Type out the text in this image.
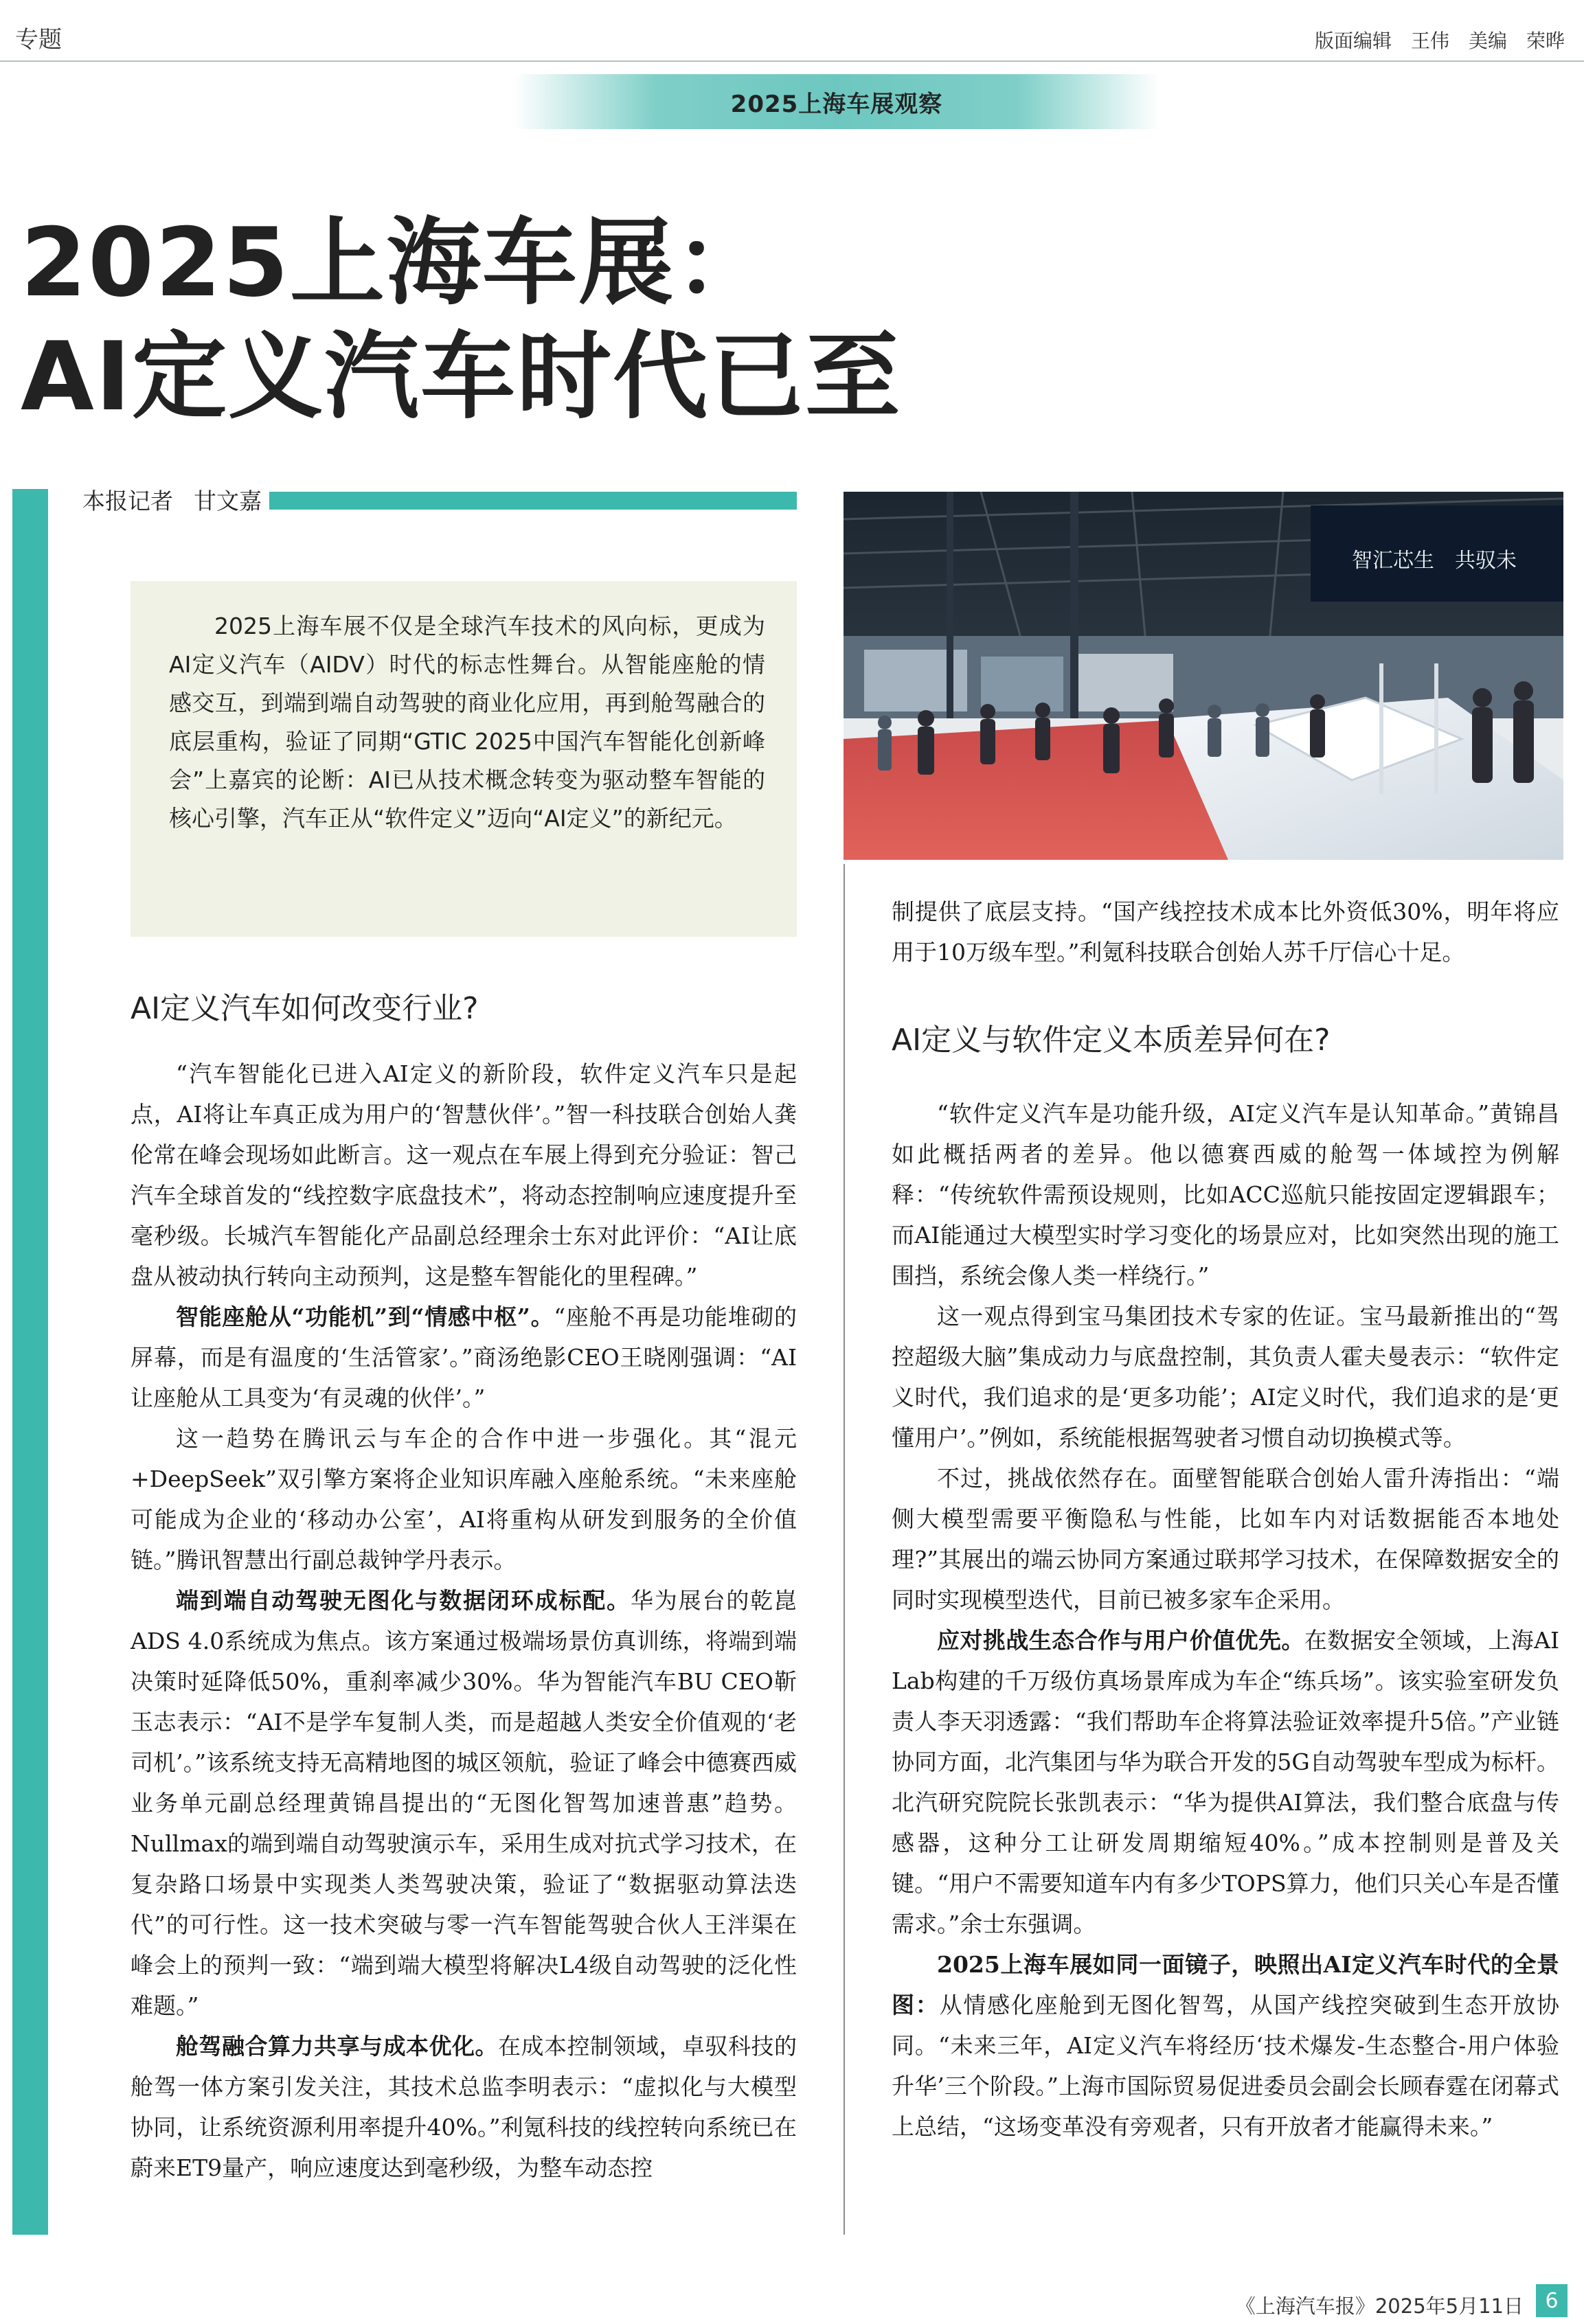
专题	版面编辑　王伟　美编　荣晔
2025上海车展观察
2025上海车展：
AI定义汽车时代已至
本报记者 甘文嘉

2025上海车展不仅是全球汽车技术的风向标，更成为AI定义汽车（AIDV）时代的标志性舞台。从智能座舱的情感交互，到端到端自动驾驶的商业化应用，再到舱驾融合的底层重构，验证了同期“GTIC 2025中国汽车智能化创新峰会”上嘉宾的论断：AI已从技术概念转变为驱动整车智能的核心引擎，汽车正从“软件定义”迈向“AI定义”的新纪元。

智汇芯生　共驭未
AI定义汽车如何改变行业?

“汽车智能化已进入AI定义的新阶段，软件定义汽车只是起点，AI将让车真正成为用户的‘智慧伙伴’。”智一科技联合创始人龚伦常在峰会现场如此断言。这一观点在车展上得到充分验证：智己汽车全球首发的“线控数字底盘技术”，将动态控制响应速度提升至毫秒级。长城汽车智能化产品副总经理余士东对此评价：“AI让底盘从被动执行转向主动预判，这是整车智能化的里程碑。”

智能座舱从“功能机”到“情感中枢”。“座舱不再是功能堆砌的屏幕，而是有温度的‘生活管家’。”商汤绝影CEO王晓刚强调：“AI让座舱从工具变为‘有灵魂的伙伴’。”

这一趋势在腾讯云与车企的合作中进一步强化。其“混元+DeepSeek”双引擎方案将企业知识库融入座舱系统。“未来座舱可能成为企业的‘移动办公室’，AI将重构从研发到服务的全价值链。”腾讯智慧出行副总裁钟学丹表示。

端到端自动驾驶无图化与数据闭环成标配。华为展台的乾崑ADS 4.0系统成为焦点。该方案通过极端场景仿真训练，将端到端决策时延降低50%，重刹率减少30%。华为智能汽车BU CEO靳玉志表示：“AI不是学车复制人类，而是超越人类安全价值观的‘老司机’。”该系统支持无高精地图的城区领航，验证了峰会中德赛西威业务单元副总经理黄锦昌提出的“无图化智驾加速普惠”趋势。Nullmax的端到端自动驾驶演示车，采用生成对抗式学习技术，在复杂路口场景中实现类人类驾驶决策，验证了“数据驱动算法迭代”的可行性。这一技术突破与零一汽车智能驾驶合伙人王泮渠在峰会上的预判一致：“端到端大模型将解决L4级自动驾驶的泛化性难题。”

舱驾融合算力共享与成本优化。在成本控制领域，卓驭科技的舱驾一体方案引发关注，其技术总监李明表示：“虚拟化与大模型协同，让系统资源利用率提升40%。”利氪科技的线控转向系统已在蔚来ET9量产，响应速度达到毫秒级，为整车动态控

制提供了底层支持。“国产线控技术成本比外资低30%，明年将应用于10万级车型。”利氪科技联合创始人苏千厅信心十足。

AI定义与软件定义本质差异何在?

“软件定义汽车是功能升级，AI定义汽车是认知革命。”黄锦昌如此概括两者的差异。他以德赛西威的舱驾一体域控为例解释：“传统软件需预设规则，比如ACC巡航只能按固定逻辑跟车；而AI能通过大模型实时学习变化的场景应对，比如突然出现的施工围挡，系统会像人类一样绕行。”

这一观点得到宝马集团技术专家的佐证。宝马最新推出的“驾控超级大脑”集成动力与底盘控制，其负责人霍夫曼表示：“软件定义时代，我们追求的是‘更多功能’；AI定义时代，我们追求的是‘更懂用户’。”例如，系统能根据驾驶者习惯自动切换模式等。

不过，挑战依然存在。面壁智能联合创始人雷升涛指出：“端侧大模型需要平衡隐私与性能，比如车内对话数据能否本地处理?”其展出的端云协同方案通过联邦学习技术，在保障数据安全的同时实现模型迭代，目前已被多家车企采用。

应对挑战生态合作与用户价值优先。在数据安全领域，上海AI Lab构建的千万级仿真场景库成为车企“练兵场”。该实验室研发负责人李天羽透露：“我们帮助车企将算法验证效率提升5倍。”产业链协同方面，北汽集团与华为联合开发的5G自动驾驶车型成为标杆。北汽研究院院长张凯表示：“华为提供AI算法，我们整合底盘与传感器，这种分工让研发周期缩短40%。”成本控制则是普及关键。“用户不需要知道车内有多少TOPS算力，他们只关心车是否懂需求。”余士东强调。

2025上海车展如同一面镜子，映照出AI定义汽车时代的全景图：从情感化座舱到无图化智驾，从国产线控突破到生态开放协同。“未来三年，AI定义汽车将经历‘技术爆发-生态整合-用户体验升华’三个阶段。”上海市国际贸易促进委员会副会长顾春霆在闭幕式上总结，“这场变革没有旁观者，只有开放者才能赢得未来。”

《上海汽车报》2025年5月11日	6
